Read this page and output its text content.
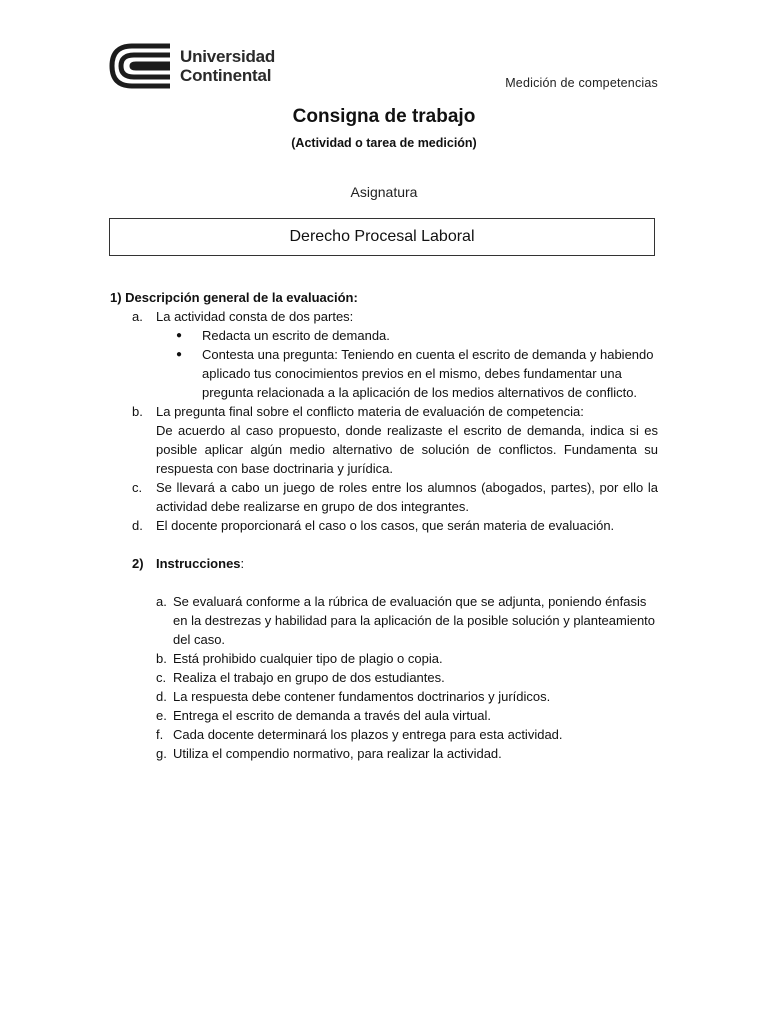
Universidad
Continental	Medición de competencias
Consigna de trabajo
(Actividad o tarea de medición)
Asignatura
Derecho Procesal Laboral
1) Descripción general de la evaluación:
a.	La actividad consta de dos partes:
●	Redacta un escrito de demanda.
●	Contesta una pregunta: Teniendo en cuenta el escrito de demanda y habiendo aplicado tus conocimientos previos en el mismo, debes fundamentar una pregunta relacionada a la aplicación de los medios alternativos de conflicto.
b.	La pregunta final sobre el conflicto materia de evaluación de competencia:
De acuerdo al caso propuesto, donde realizaste el escrito de demanda, indica si es posible aplicar algún medio alternativo de solución de conflictos. Fundamenta su respuesta con base doctrinaria y jurídica.
c.	Se llevará a cabo un juego de roles entre los alumnos (abogados, partes), por ello la actividad debe realizarse en grupo de dos integrantes.
d.	El docente proporcionará el caso o los casos, que serán materia de evaluación.
2) Instrucciones:
a. Se evaluará conforme a la rúbrica de evaluación que se adjunta, poniendo énfasis en la destrezas y habilidad para la aplicación de la posible solución y planteamiento del caso.
b. Está prohibido cualquier tipo de plagio o copia.
c. Realiza el trabajo en grupo de dos estudiantes.
d. La respuesta debe contener fundamentos doctrinarios y jurídicos.
e. Entrega el escrito de demanda a través del aula virtual.
f. Cada docente determinará los plazos y entrega para esta actividad.
g. Utiliza el compendio normativo, para realizar la actividad.
